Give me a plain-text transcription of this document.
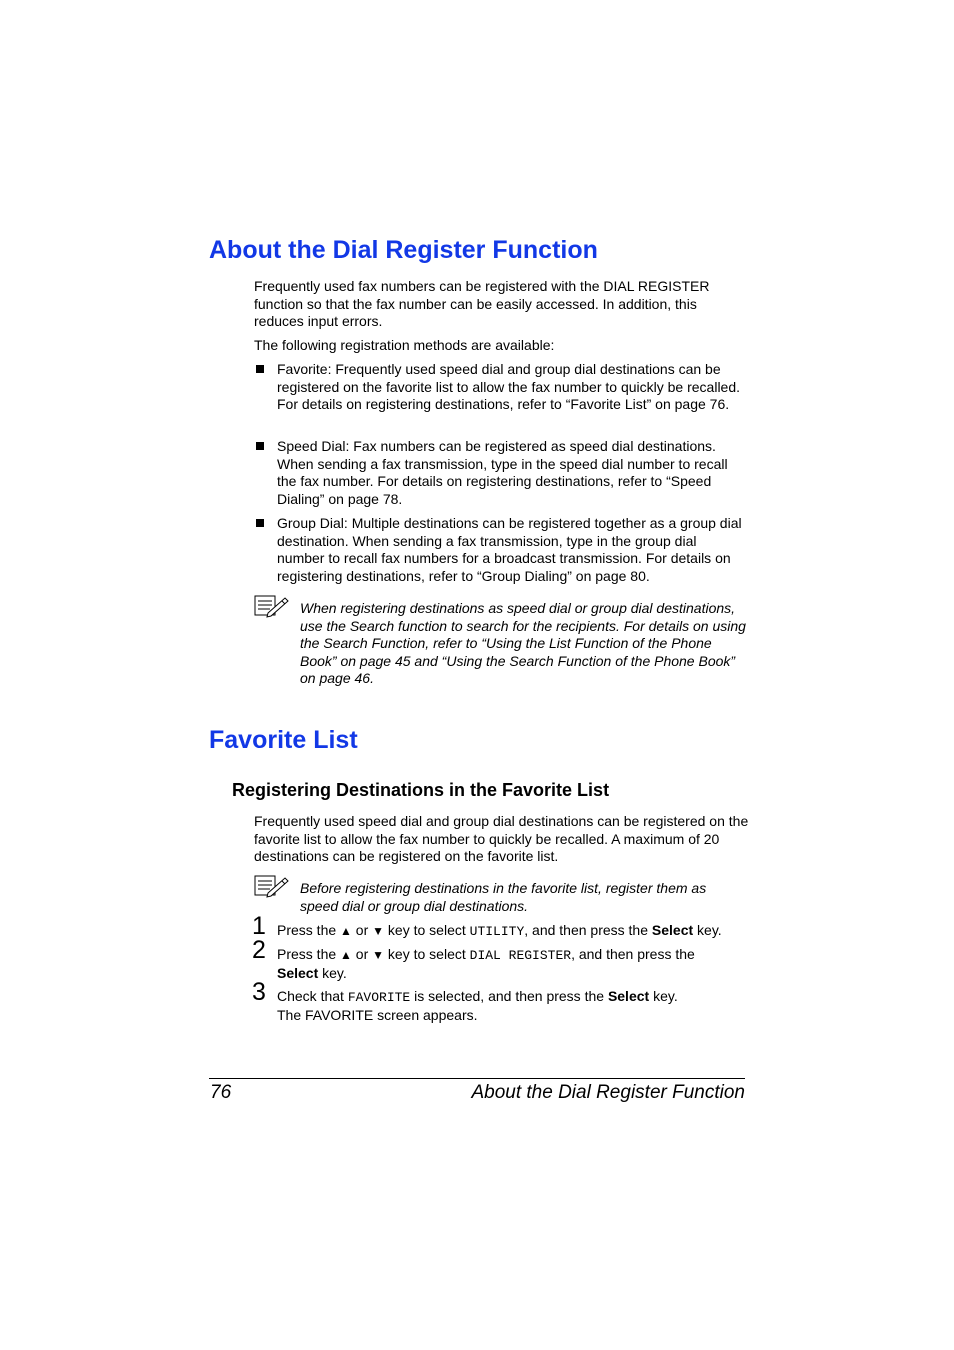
About the Dial Register Function

Frequently used fax numbers can be registered with the DIAL REGISTER function so that the fax number can be easily accessed. In addition, this reduces input errors.

The following registration methods are available:

Favorite: Frequently used speed dial and group dial destinations can be registered on the favorite list to allow the fax number to quickly be recalled. For details on registering destinations, refer to “Favorite List” on page 76.
Speed Dial: Fax numbers can be registered as speed dial destinations. When sending a fax transmission, type in the speed dial number to recall the fax number. For details on registering destinations, refer to “Speed Dialing” on page 78.
Group Dial: Multiple destinations can be registered together as a group dial destination. When sending a fax transmission, type in the group dial number to recall fax numbers for a broadcast transmission. For details on registering destinations, refer to “Group Dialing” on page 80.
When registering destinations as speed dial or group dial destinations, use the Search function to search for the recipients. For details on using the Search Function, refer to “Using the List Function of the Phone Book” on page 45 and “Using the Search Function of the Phone Book” on page 46.
Favorite List
Registering Destinations in the Favorite List

Frequently used speed dial and group dial destinations can be registered on the favorite list to allow the fax number to quickly be recalled. A maximum of 20 destinations can be registered on the favorite list.

Before registering destinations in the favorite list, register them as speed dial or group dial destinations.
1 Press the ▲ or ▼ key to select UTILITY, and then press the Select key.
2 Press the ▲ or ▼ key to select DIAL REGISTER, and then press the
Select key.
3 Check that FAVORITE is selected, and then press the Select key.
The FAVORITE screen appears.
76	About the Dial Register Function
